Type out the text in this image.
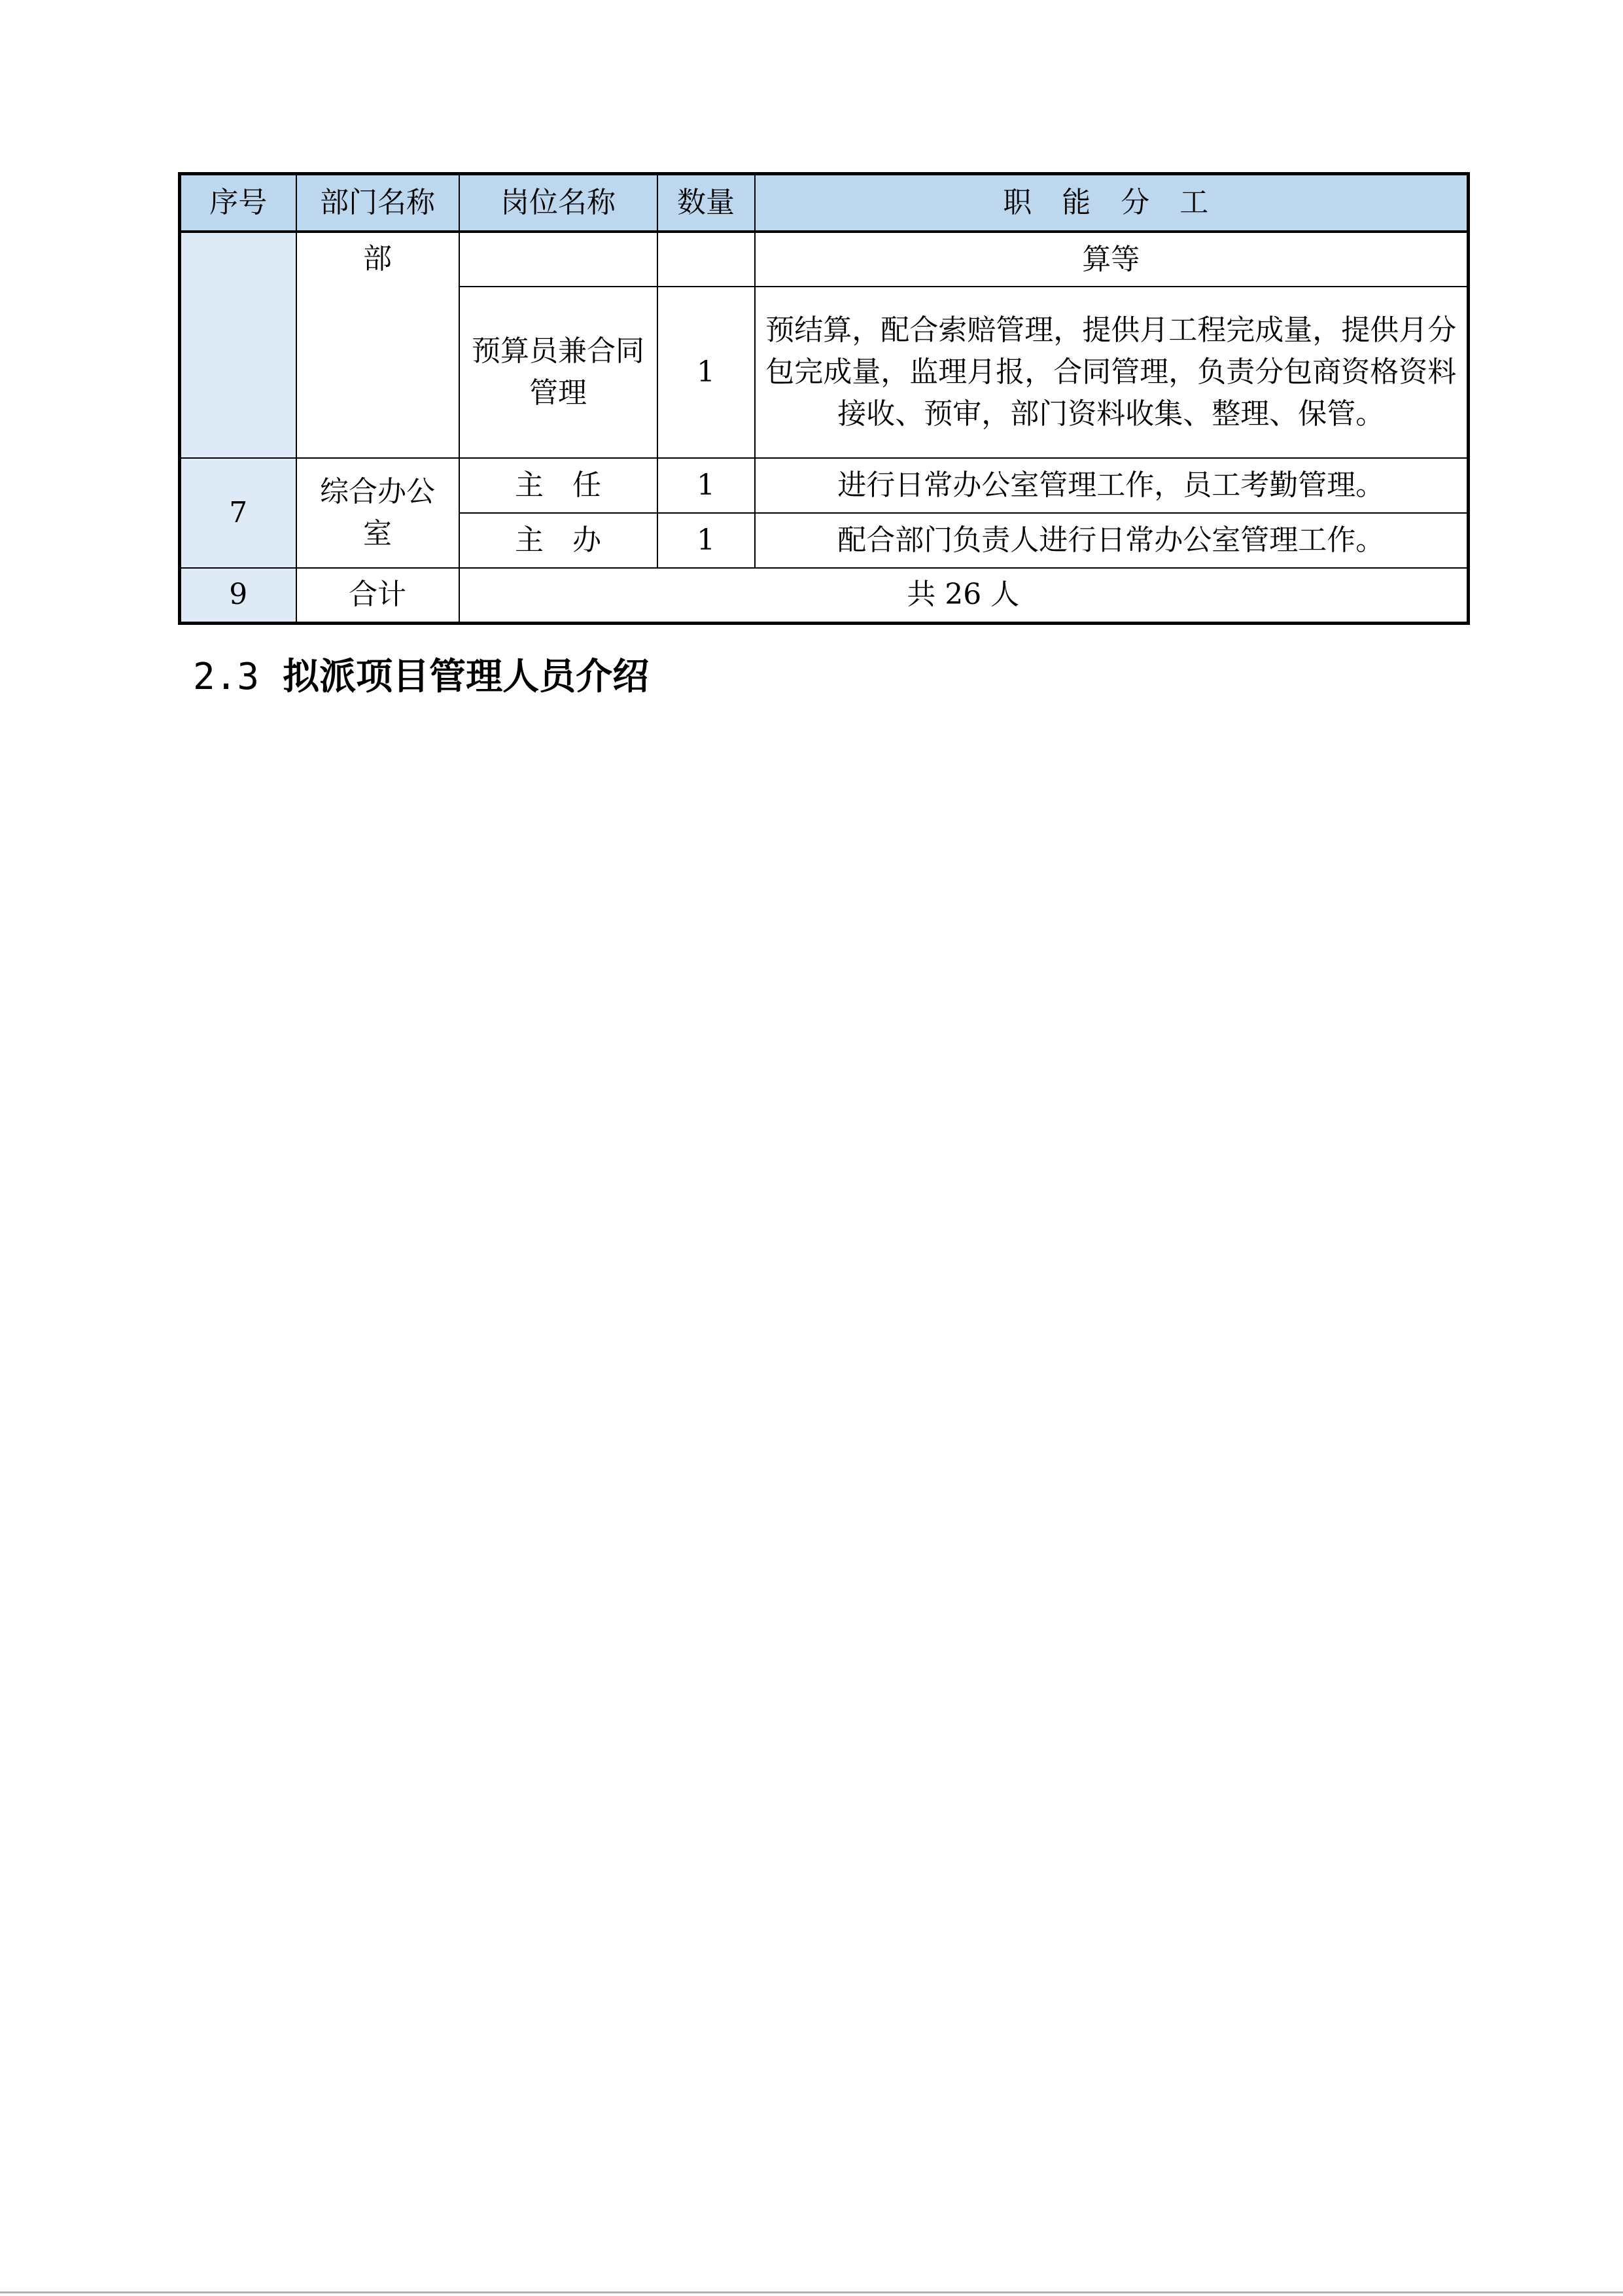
序号	部门名称	岗位名称	数量	职 能 分 工
	部			算等
		预算员兼合同管理	1	预结算，配合索赔管理，提供月工程完成量，提供月分包完成量，监理月报，合同管理，负责分包商资格资料接收、预审，部门资料收集、整理、保管。
7	综合办公室	主　任	1	进行日常办公室管理工作，员工考勤管理。
		主　办	1	配合部门负责人进行日常办公室管理工作。
9	合计	共 26 人		
2.3 拟派项目管理人员介绍
